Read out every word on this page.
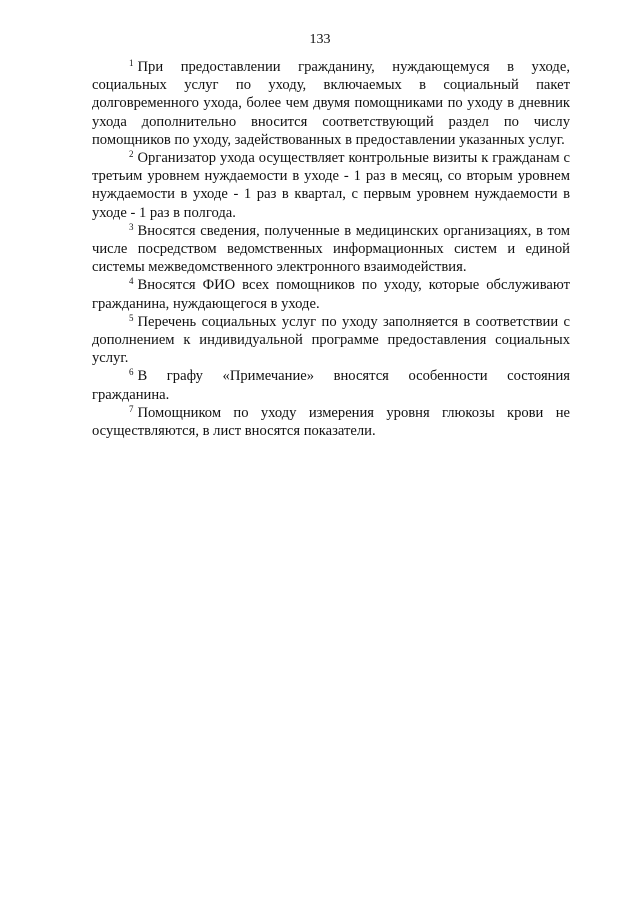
133

$^1$ При предоставлении гражданину, нуждающемуся в уходе, социальных услуг по уходу, включаемых в социальный пакет долговременного ухода, более чем двумя помощниками по уходу в дневник ухода дополнительно вносится соответствующий раздел по числу помощников по уходу, задействованных в предоставлении указанных услуг.

$^2$ Организатор ухода осуществляет контрольные визиты к гражданам с третьим уровнем нуждаемости в уходе - 1 раз в месяц, со вторым уровнем нуждаемости в уходе - 1 раз в квартал, с первым уровнем нуждаемости в уходе - 1 раз в полгода.

$^3$ Вносятся сведения, полученные в медицинских организациях, в том числе посредством ведомственных информационных систем и единой системы межведомственного электронного взаимодействия.

$^4$ Вносятся ФИО всех помощников по уходу, которые обслуживают гражданина, нуждающегося в уходе.

$^5$ Перечень социальных услуг по уходу заполняется в соответствии с дополнением к индивидуальной программе предоставления социальных услуг.

$^6$ В графу «Примечание» вносятся особенности состояния гражданина.

$^7$ Помощником по уходу измерения уровня глюкозы крови не осуществляются, в лист вносятся показатели.
